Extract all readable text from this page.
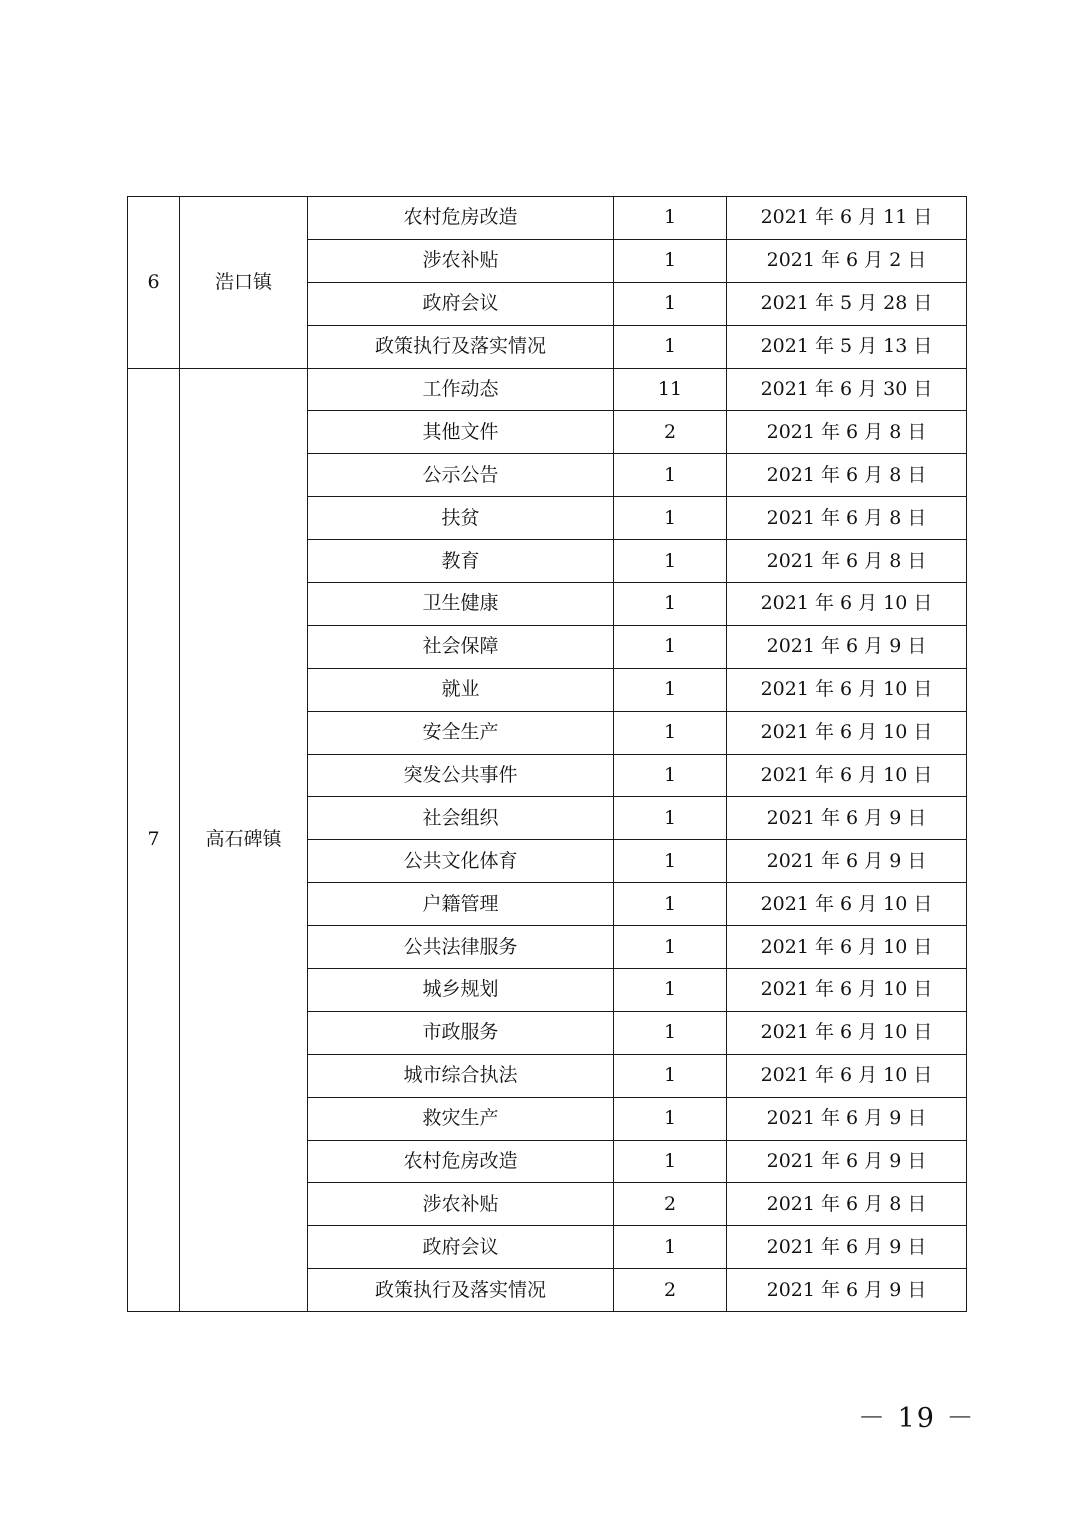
6	浩口镇	农村危房改造	1	2021 年 6 月 11 日
		涉农补贴	1	2021 年 6 月 2 日
		政府会议	1	2021 年 5 月 28 日
		政策执行及落实情况	1	2021 年 5 月 13 日
7	高石碑镇	工作动态	11	2021 年 6 月 30 日
		其他文件	2	2021 年 6 月 8 日
		公示公告	1	2021 年 6 月 8 日
		扶贫	1	2021 年 6 月 8 日
		教育	1	2021 年 6 月 8 日
		卫生健康	1	2021 年 6 月 10 日
		社会保障	1	2021 年 6 月 9 日
		就业	1	2021 年 6 月 10 日
		安全生产	1	2021 年 6 月 10 日
		突发公共事件	1	2021 年 6 月 10 日
		社会组织	1	2021 年 6 月 9 日
		公共文化体育	1	2021 年 6 月 9 日
		户籍管理	1	2021 年 6 月 10 日
		公共法律服务	1	2021 年 6 月 10 日
		城乡规划	1	2021 年 6 月 10 日
		市政服务	1	2021 年 6 月 10 日
		城市综合执法	1	2021 年 6 月 10 日
		救灾生产	1	2021 年 6 月 9 日
		农村危房改造	1	2021 年 6 月 9 日
		涉农补贴	2	2021 年 6 月 8 日
		政府会议	1	2021 年 6 月 9 日
		政策执行及落实情况	2	2021 年 6 月 9 日
－ 19 －
